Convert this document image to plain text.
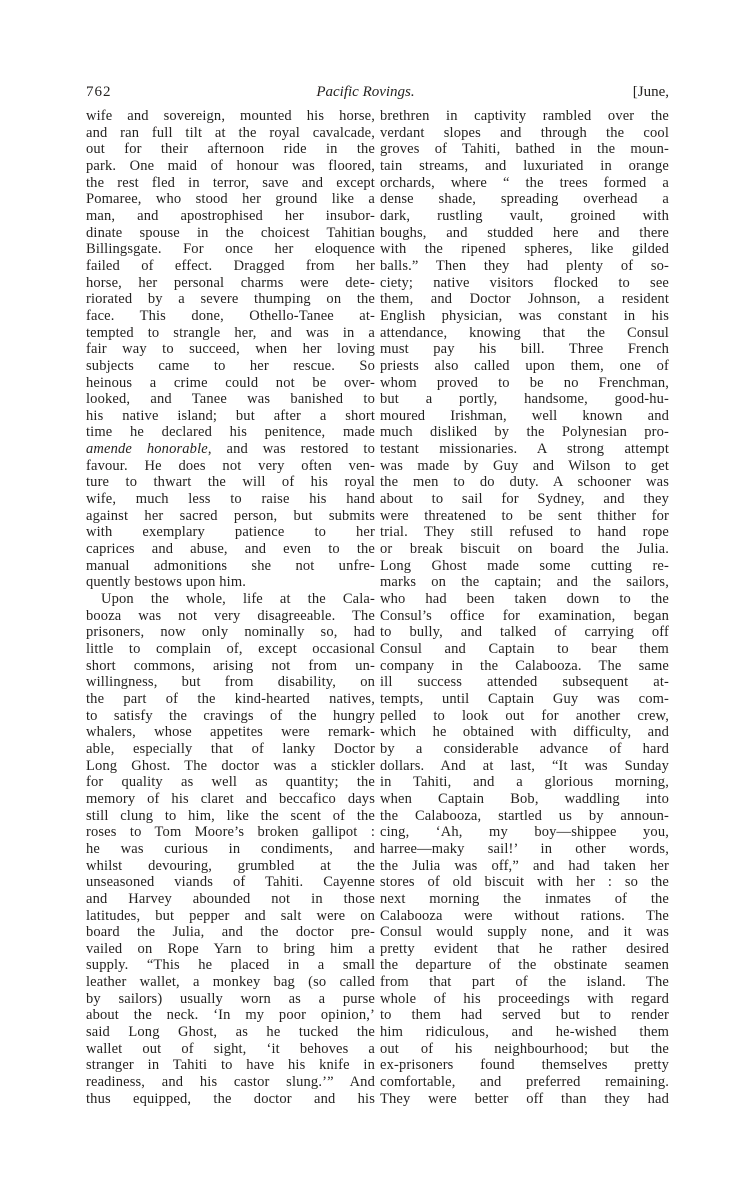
762	Pacific Rovings.	[June,
wife and sovereign, mounted his horse,
and ran full tilt at the royal cavalcade,
out for their afternoon ride in the
park. One maid of honour was floored,
the rest fled in terror, save and except
Pomaree, who stood her ground like a
man, and apostrophised her insubor-
dinate spouse in the choicest Tahitian
Billingsgate. For once her eloquence
failed of effect. Dragged from her
horse, her personal charms were dete-
riorated by a severe thumping on the
face. This done, Othello-Tanee at-
tempted to strangle her, and was in a
fair way to succeed, when her loving
subjects came to her rescue. So
heinous a crime could not be over-
looked, and Tanee was banished to
his native island; but after a short
time he declared his penitence, made
amende honorable, and was restored to
favour. He does not very often ven-
ture to thwart the will of his royal
wife, much less to raise his hand
against her sacred person, but submits
with exemplary patience to her
caprices and abuse, and even to the
manual admonitions she not unfre-
quently bestows upon him.
Upon the whole, life at the Cala-
booza was not very disagreeable. The
prisoners, now only nominally so, had
little to complain of, except occasional
short commons, arising not from un-
willingness, but from disability, on
the part of the kind-hearted natives,
to satisfy the cravings of the hungry
whalers, whose appetites were remark-
able, especially that of lanky Doctor
Long Ghost. The doctor was a stickler
for quality as well as quantity; the
memory of his claret and beccafico days
still clung to him, like the scent of the
roses to Tom Moore’s broken gallipot :
he was curious in condiments, and
whilst devouring, grumbled at the
unseasoned viands of Tahiti. Cayenne
and Harvey abounded not in those
latitudes, but pepper and salt were on
board the Julia, and the doctor pre-
vailed on Rope Yarn to bring him a
supply. “This he placed in a small
leather wallet, a monkey bag (so called
by sailors) usually worn as a purse
about the neck. ‘In my poor opinion,’
said Long Ghost, as he tucked the
wallet out of sight, ‘it behoves a
stranger in Tahiti to have his knife in
readiness, and his castor slung.’” And
thus equipped, the doctor and his
brethren in captivity rambled over the
verdant slopes and through the cool
groves of Tahiti, bathed in the moun-
tain streams, and luxuriated in orange
orchards, where “ the trees formed a
dense shade, spreading overhead a
dark, rustling vault, groined with
boughs, and studded here and there
with the ripened spheres, like gilded
balls.” Then they had plenty of so-
ciety; native visitors flocked to see
them, and Doctor Johnson, a resident
English physician, was constant in his
attendance, knowing that the Consul
must pay his bill. Three French
priests also called upon them, one of
whom proved to be no Frenchman,
but a portly, handsome, good-hu-
moured Irishman, well known and
much disliked by the Polynesian pro-
testant missionaries. A strong attempt
was made by Guy and Wilson to get
the men to do duty. A schooner was
about to sail for Sydney, and they
were threatened to be sent thither for
trial. They still refused to hand rope
or break biscuit on board the Julia.
Long Ghost made some cutting re-
marks on the captain; and the sailors,
who had been taken down to the
Consul’s office for examination, began
to bully, and talked of carrying off
Consul and Captain to bear them
company in the Calabooza. The same
ill success attended subsequent at-
tempts, until Captain Guy was com-
pelled to look out for another crew,
which he obtained with difficulty, and
by a considerable advance of hard
dollars. And at last, “It was Sunday
in Tahiti, and a glorious morning,
when Captain Bob, waddling into
the Calabooza, startled us by announ-
cing, ‘Ah, my boy—shippee you,
harree—maky sail!’ in other words,
the Julia was off,” and had taken her
stores of old biscuit with her : so the
next morning the inmates of the
Calabooza were without rations. The
Consul would supply none, and it was
pretty evident that he rather desired
the departure of the obstinate seamen
from that part of the island. The
whole of his proceedings with regard
to them had served but to render
him ridiculous, and he-wished them
out of his neighbourhood; but the
ex-prisoners found themselves pretty
comfortable, and preferred remaining.
They were better off than they had
